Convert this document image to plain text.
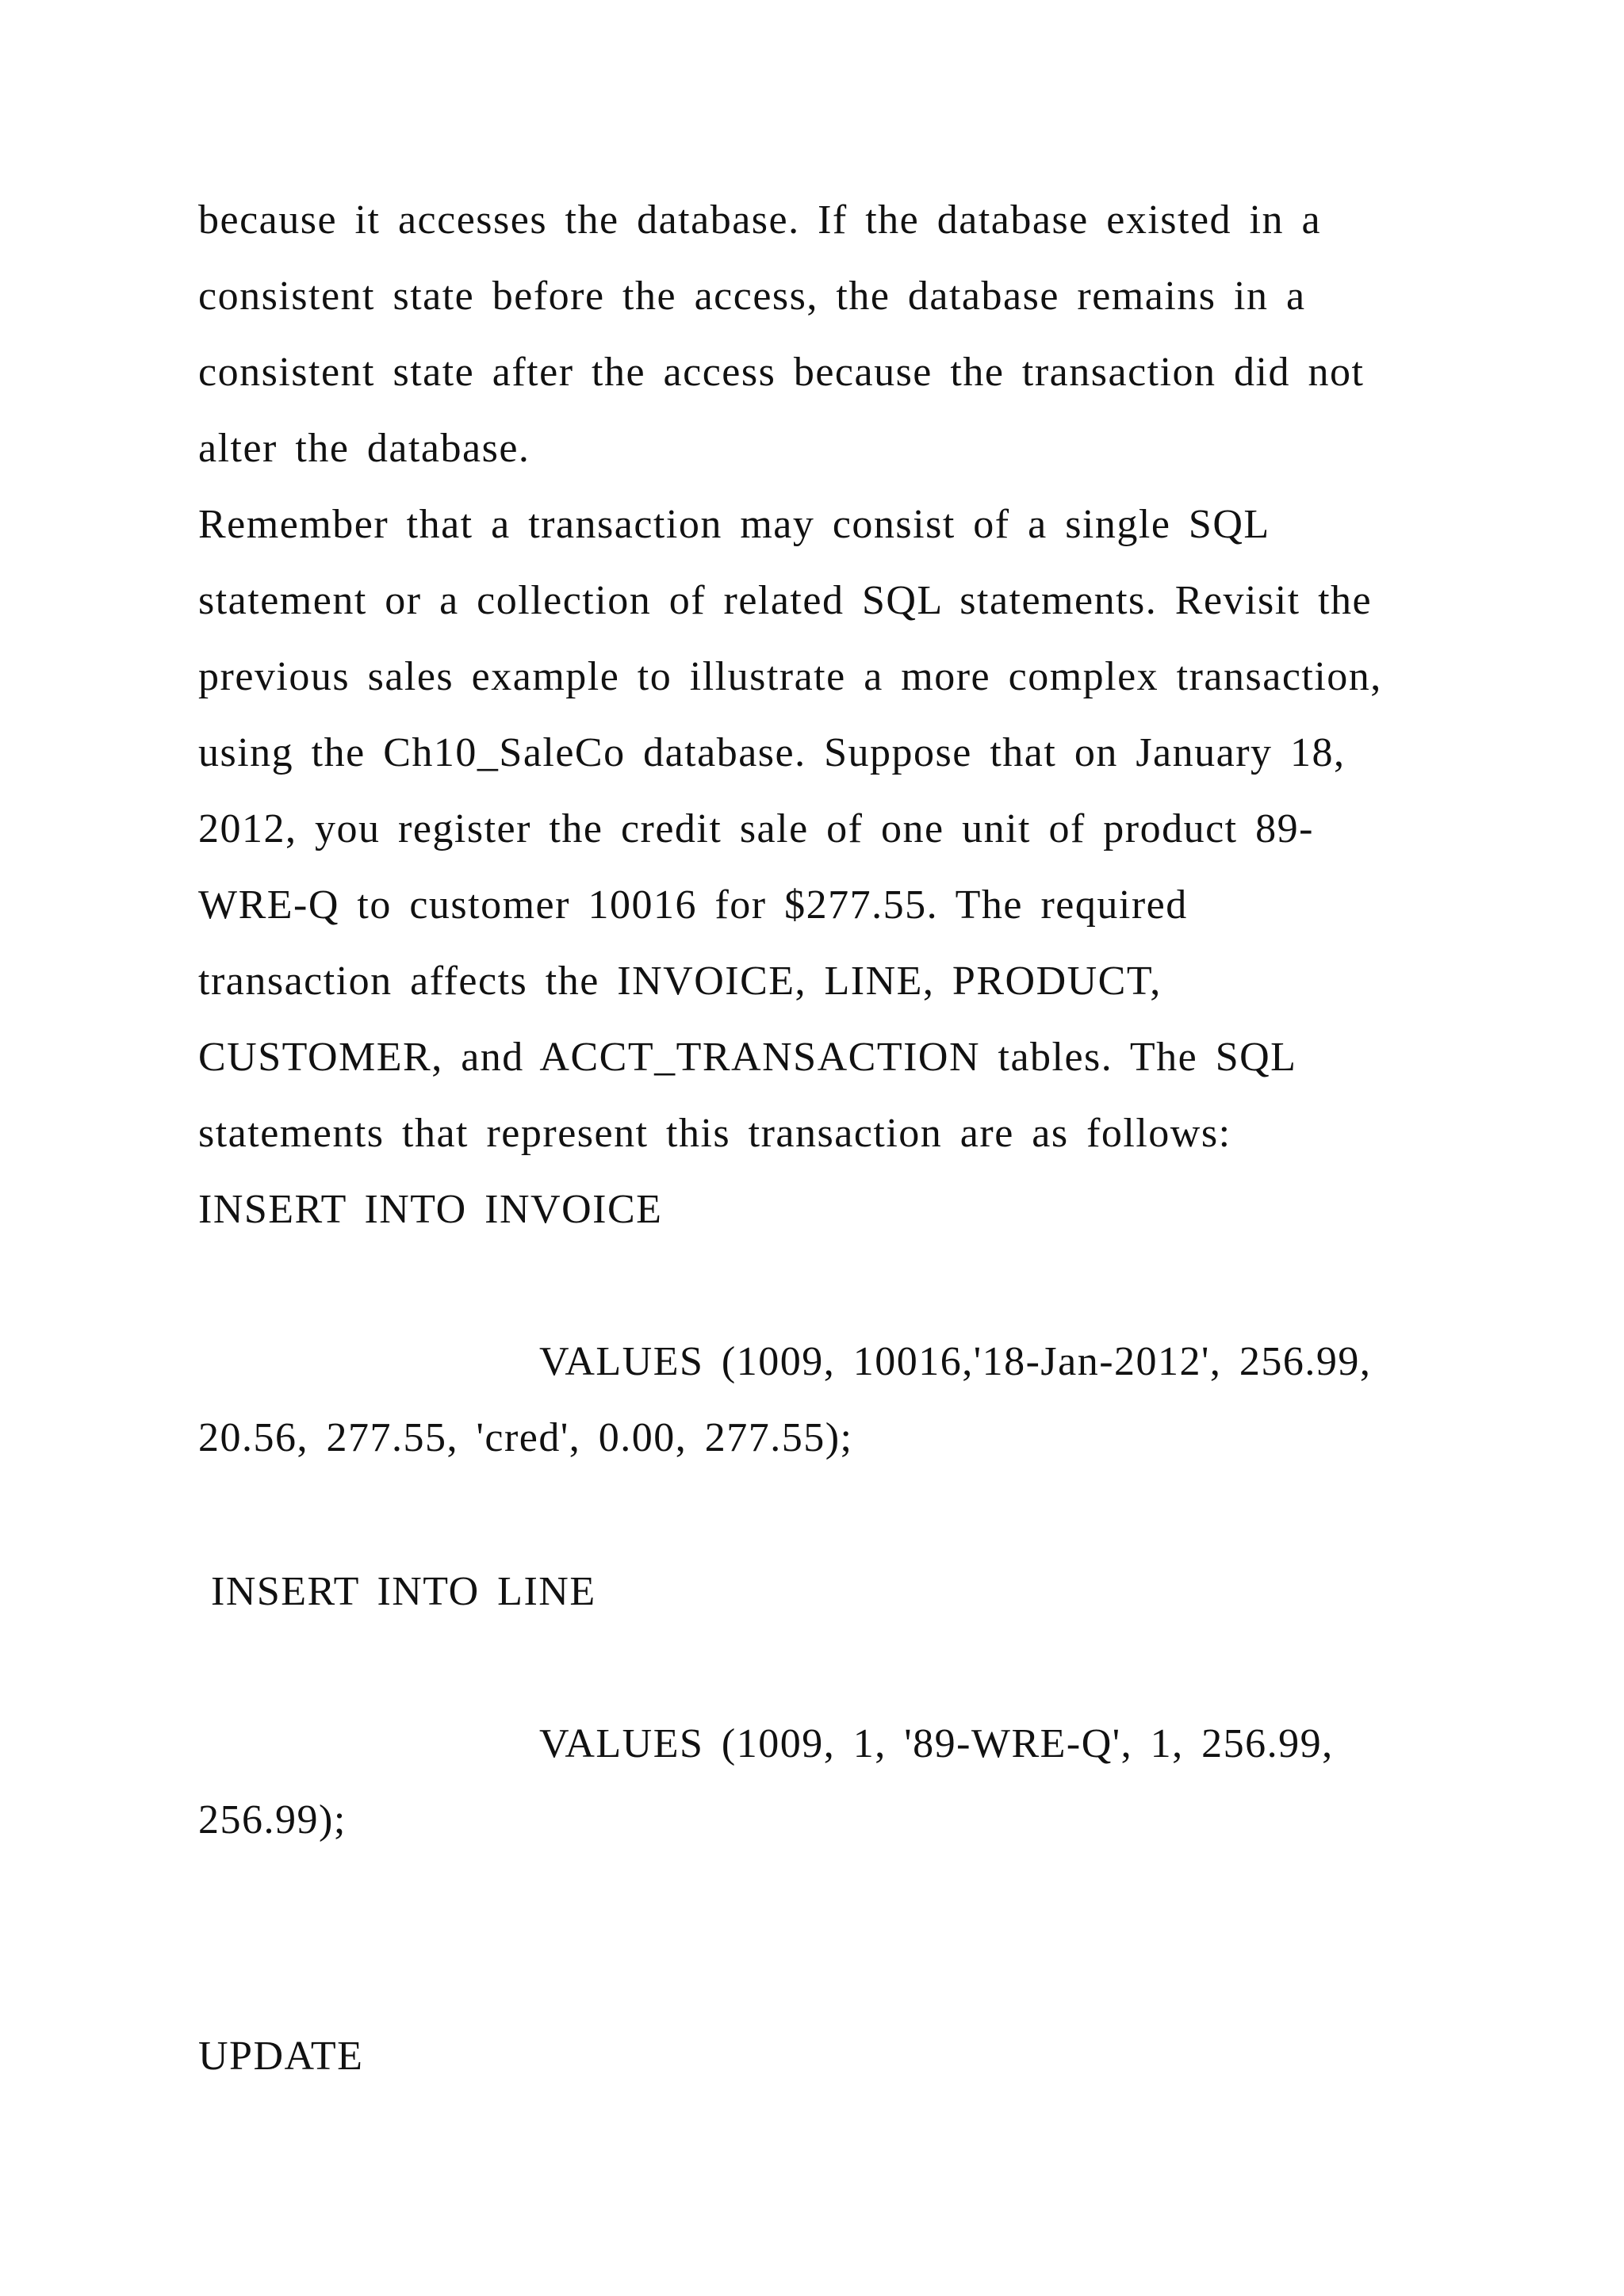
because it accesses the database. If the database existed in a
consistent state before the access, the database remains in a
consistent state after the access because the transaction did not
alter the database.
Remember that a transaction may consist of a single SQL
statement or a collection of related SQL statements. Revisit the
previous sales example to illustrate a more complex transaction,
using the Ch10_SaleCo database. Suppose that on January 18,
2012, you register the credit sale of one unit of product 89-
WRE-Q to customer 10016 for $277.55. The required
transaction affects the INVOICE, LINE, PRODUCT,
CUSTOMER, and ACCT_TRANSACTION tables. The SQL
statements that represent this transaction are as follows:
INSERT INTO INVOICE
VALUES (1009, 10016,'18-Jan-2012', 256.99,
20.56, 277.55, 'cred', 0.00, 277.55);
INSERT INTO LINE
VALUES (1009, 1, '89-WRE-Q', 1, 256.99,
256.99);
UPDATE
